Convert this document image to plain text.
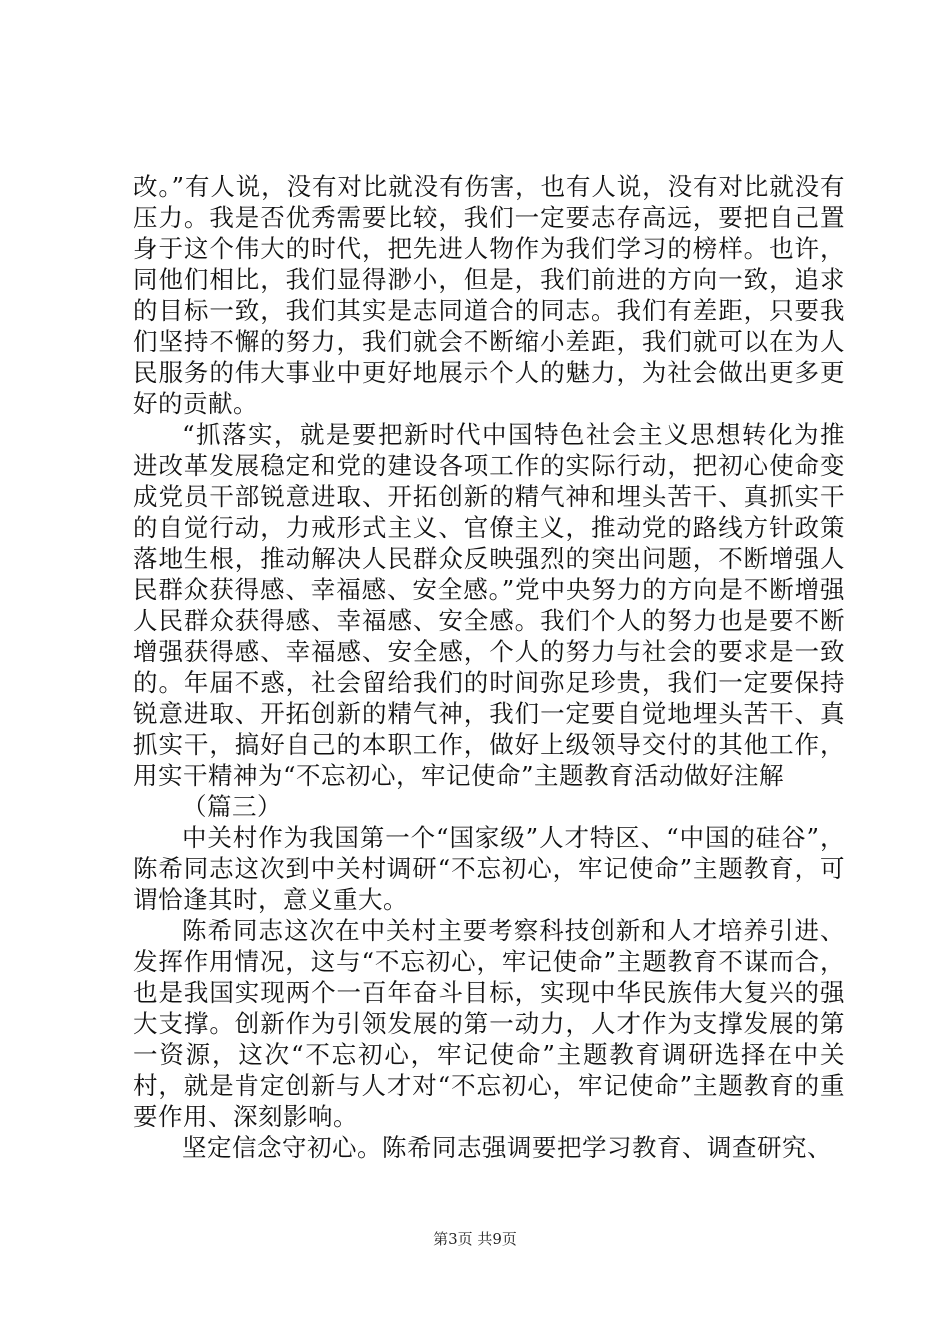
改。”有人说，没有对比就没有伤害，也有人说，没有对比就没有压力。我是否优秀需要比较，我们一定要志存高远，要把自己置身于这个伟大的时代，把先进人物作为我们学习的榜样。也许，同他们相比，我们显得渺小，但是，我们前进的方向一致，追求的目标一致，我们其实是志同道合的同志。我们有差距，只要我们坚持不懈的努力，我们就会不断缩小差距，我们就可以在为人民服务的伟大事业中更好地展示个人的魅力，为社会做出更多更好的贡献。

“抓落实，就是要把新时代中国特色社会主义思想转化为推进改革发展稳定和党的建设各项工作的实际行动，把初心使命变成党员干部锐意进取、开拓创新的精气神和埋头苦干、真抓实干的自觉行动，力戒形式主义、官僚主义，推动党的路线方针政策落地生根，推动解决人民群众反映强烈的突出问题，不断增强人民群众获得感、幸福感、安全感。”党中央努力的方向是不断增强人民群众获得感、幸福感、安全感。我们个人的努力也是要不断增强获得感、幸福感、安全感，个人的努力与社会的要求是一致的。年届不惑，社会留给我们的时间弥足珍贵，我们一定要保持锐意进取、开拓创新的精气神，我们一定要自觉地埋头苦干、真抓实干，搞好自己的本职工作，做好上级领导交付的其他工作，用实干精神为“不忘初心，牢记使命”主题教育活动做好注解

（篇三）

中关村作为我国第一个“国家级”人才特区、“中国的硅谷”，陈希同志这次到中关村调研“不忘初心，牢记使命”主题教育，可谓恰逢其时，意义重大。

陈希同志这次在中关村主要考察科技创新和人才培养引进、发挥作用情况，这与“不忘初心，牢记使命”主题教育不谋而合，也是我国实现两个一百年奋斗目标，实现中华民族伟大复兴的强大支撑。创新作为引领发展的第一动力，人才作为支撑发展的第一资源，这次“不忘初心，牢记使命”主题教育调研选择在中关村，就是肯定创新与人才对“不忘初心，牢记使命”主题教育的重要作用、深刻影响。

坚定信念守初心。陈希同志强调要把学习教育、调查研究、

第3页 共9页
